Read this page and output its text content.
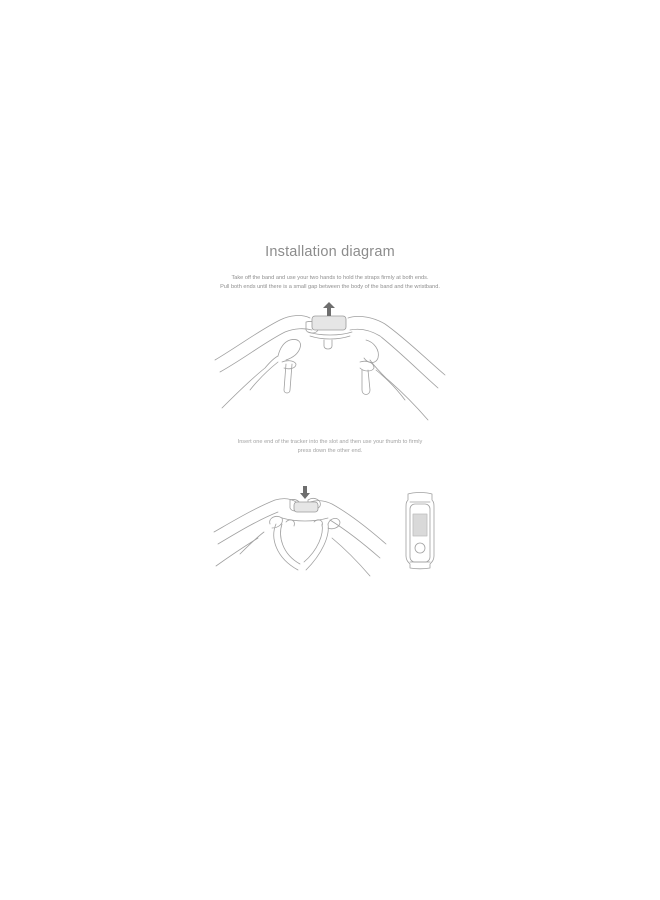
Installation diagram

Take off the band and use your two hands to hold the straps firmly at both ends.
Pull both ends until there is a small gap between the body of the band and the wristband.

Insert one end of the tracker into the slot and then use your thumb to firmly
press down the other end.
